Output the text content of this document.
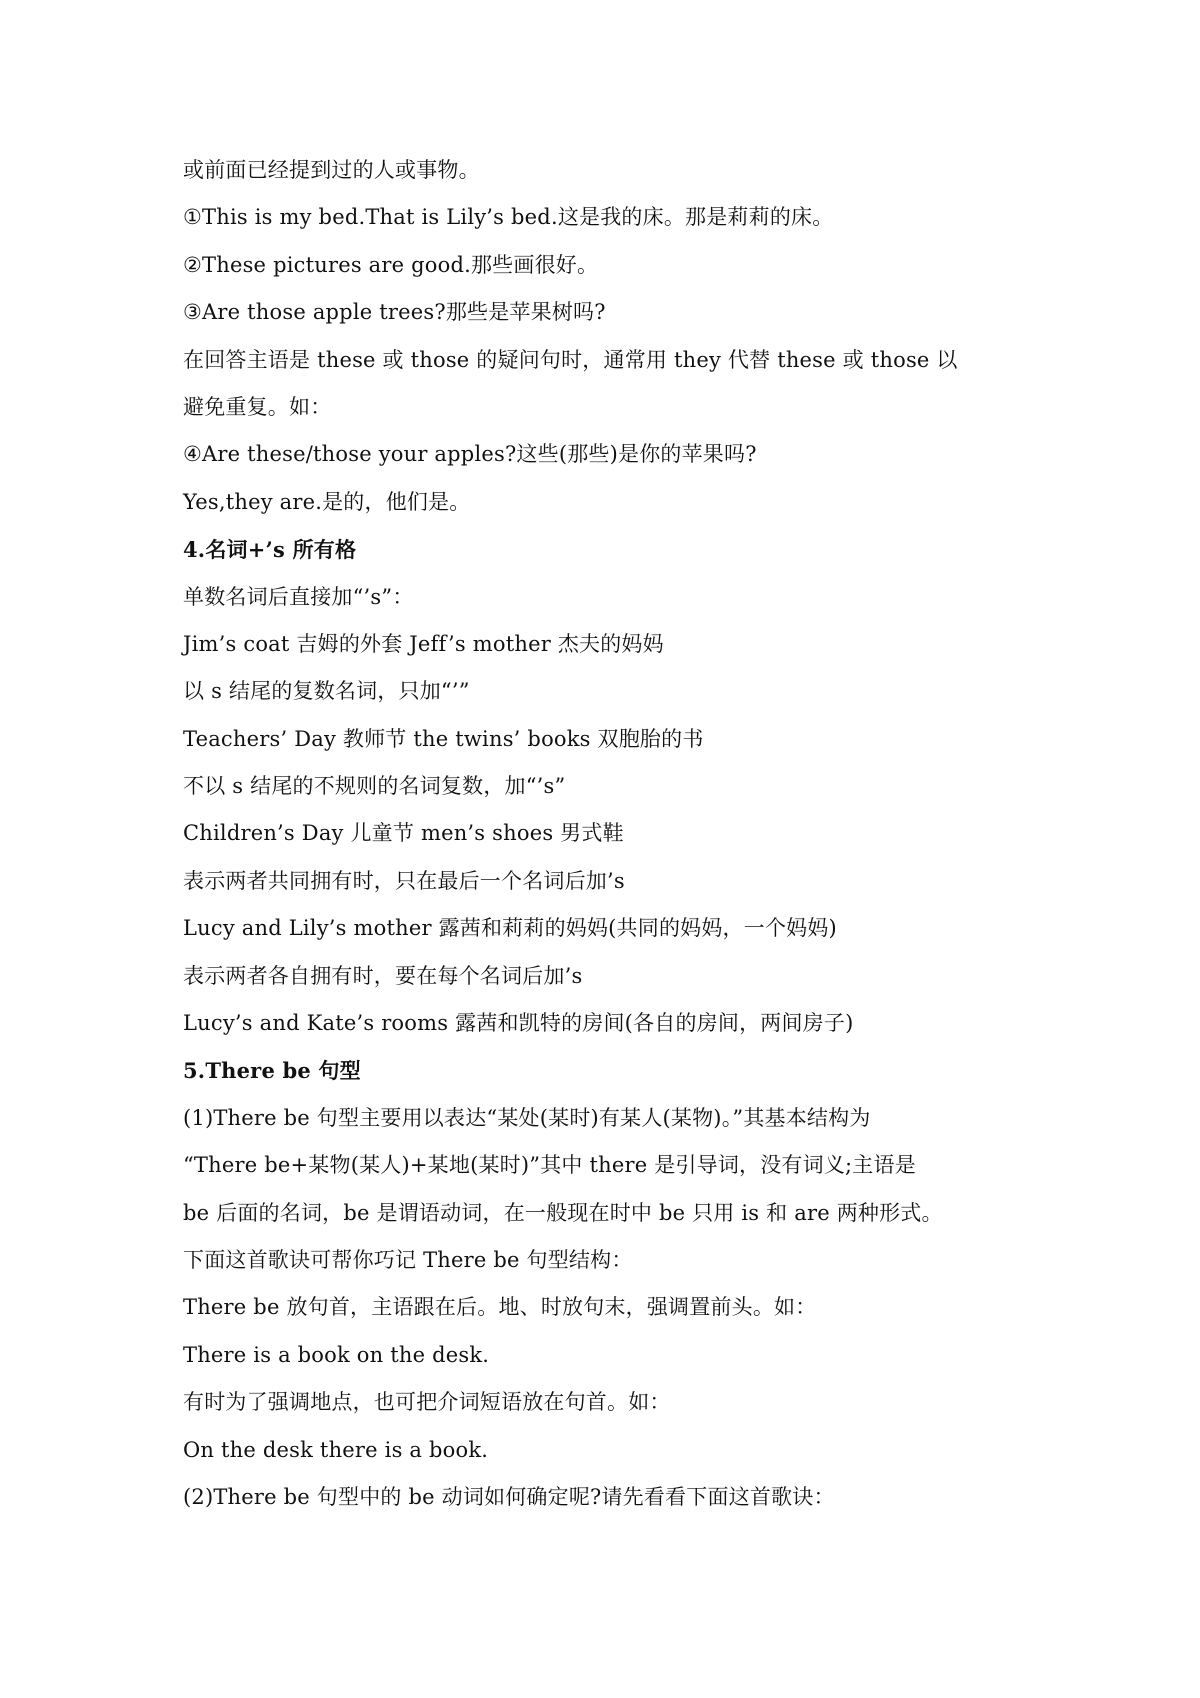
或前面已经提到过的人或事物。
①This is my bed.That is Lily’s bed.这是我的床。那是莉莉的床。
②These pictures are good.那些画很好。
③Are those apple trees?那些是苹果树吗?
在回答主语是 these 或 those 的疑问句时，通常用 they 代替 these 或 those 以
避免重复。如：
④Are these/those your apples?这些(那些)是你的苹果吗?
Yes,they are.是的，他们是。
4.名词+’s 所有格
单数名词后直接加“’s”：
Jim’s coat 吉姆的外套 Jeff’s mother 杰夫的妈妈
以 s 结尾的复数名词，只加“’”
Teachers’ Day 教师节 the twins’ books 双胞胎的书
不以 s 结尾的不规则的名词复数，加“’s”
Children’s Day 儿童节 men’s shoes 男式鞋
表示两者共同拥有时，只在最后一个名词后加’s
Lucy and Lily’s mother 露茜和莉莉的妈妈(共同的妈妈，一个妈妈)
表示两者各自拥有时，要在每个名词后加’s
Lucy’s and Kate’s rooms 露茜和凯特的房间(各自的房间，两间房子)
5.There be 句型
(1)There be 句型主要用以表达“某处(某时)有某人(某物)。”其基本结构为
“There be+某物(某人)+某地(某时)”其中 there 是引导词，没有词义;主语是
be 后面的名词，be 是谓语动词，在一般现在时中 be 只用 is 和 are 两种形式。
下面这首歌诀可帮你巧记 There be 句型结构：
There be 放句首，主语跟在后。地、时放句末，强调置前头。如：
There is a book on the desk.
有时为了强调地点，也可把介词短语放在句首。如：
On the desk there is a book.
(2)There be 句型中的 be 动词如何确定呢?请先看看下面这首歌诀：
